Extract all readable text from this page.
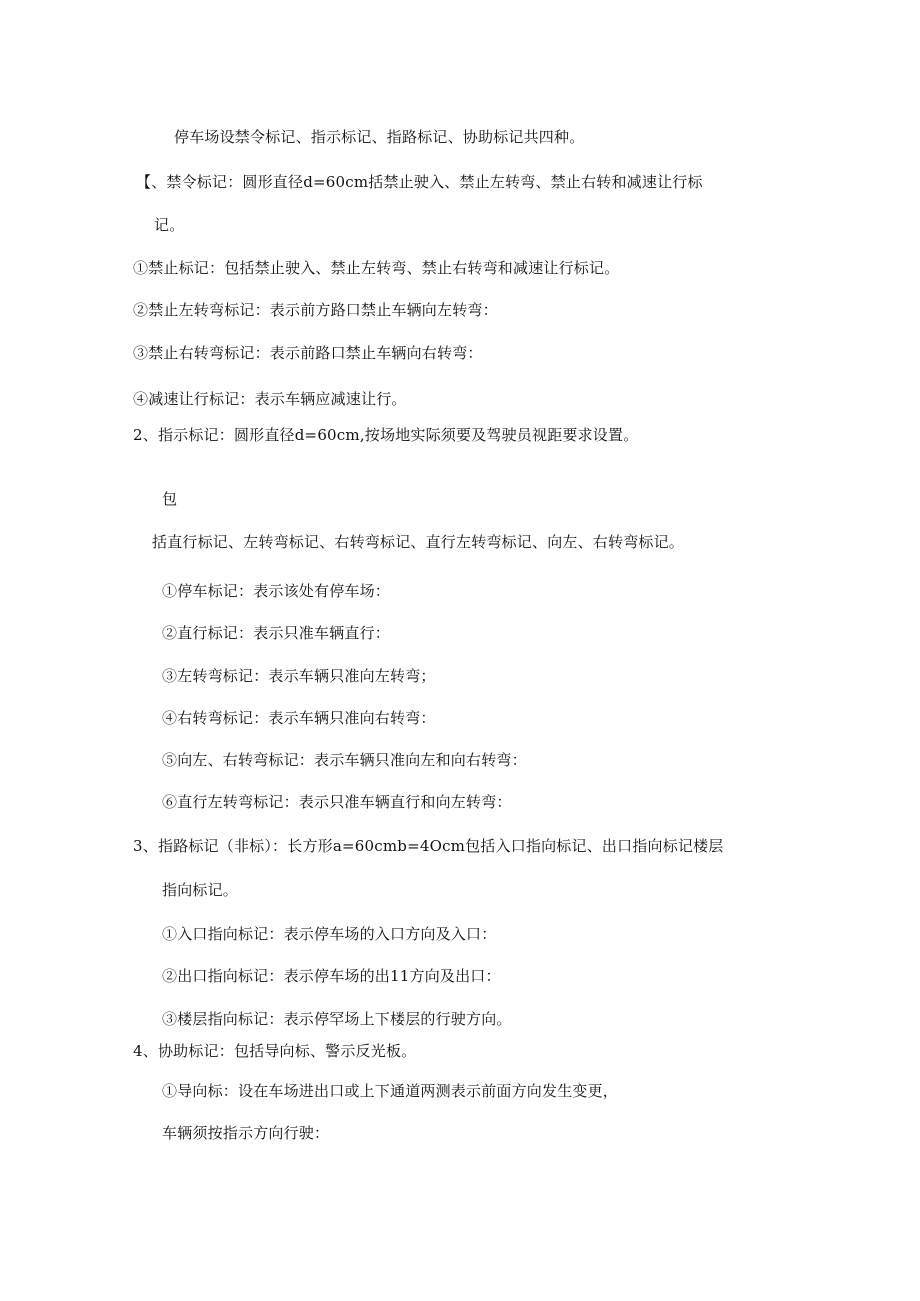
停车场设禁令标记、指示标记、指路标记、协助标记共四种。

【、禁令标记：圆形直径d=60cm括禁止驶入、禁止左转弯、禁止右转和减速让行标

记。

①禁止标记：包括禁止驶入、禁止左转弯、禁止右转弯和减速让行标记。

②禁止左转弯标记：表示前方路口禁止车辆向左转弯：

③禁止右转弯标记：表示前路口禁止车辆向右转弯：

④减速让行标记：表示车辆应减速让行。

2、指示标记：圆形直径d=60cm,按场地实际须要及驾驶员视距要求设置。

包

括直行标记、左转弯标记、右转弯标记、直行左转弯标记、向左、右转弯标记。

①停车标记：表示该处有停车场：

②直行标记：表示只准车辆直行：

③左转弯标记：表示车辆只准向左转弯；

④右转弯标记：表示车辆只准向右转弯：

⑤向左、右转弯标记：表示车辆只准向左和向右转弯：

⑥直行左转弯标记：表示只准车辆直行和向左转弯：

3、指路标记（非标）：长方形a=60cmb=4Ocm包括入口指向标记、出口指向标记楼层

指向标记。

①入口指向标记：表示停车场的入口方向及入口：

②出口指向标记：表示停车场的出11方向及出口：

③楼层指向标记：表示停罕场上下楼层的行驶方向。

4、协助标记：包括导向标、警示反光板。

①导向标：设在车场进出口或上下通道两测表示前面方向发生变更，

车辆须按指示方向行驶：
